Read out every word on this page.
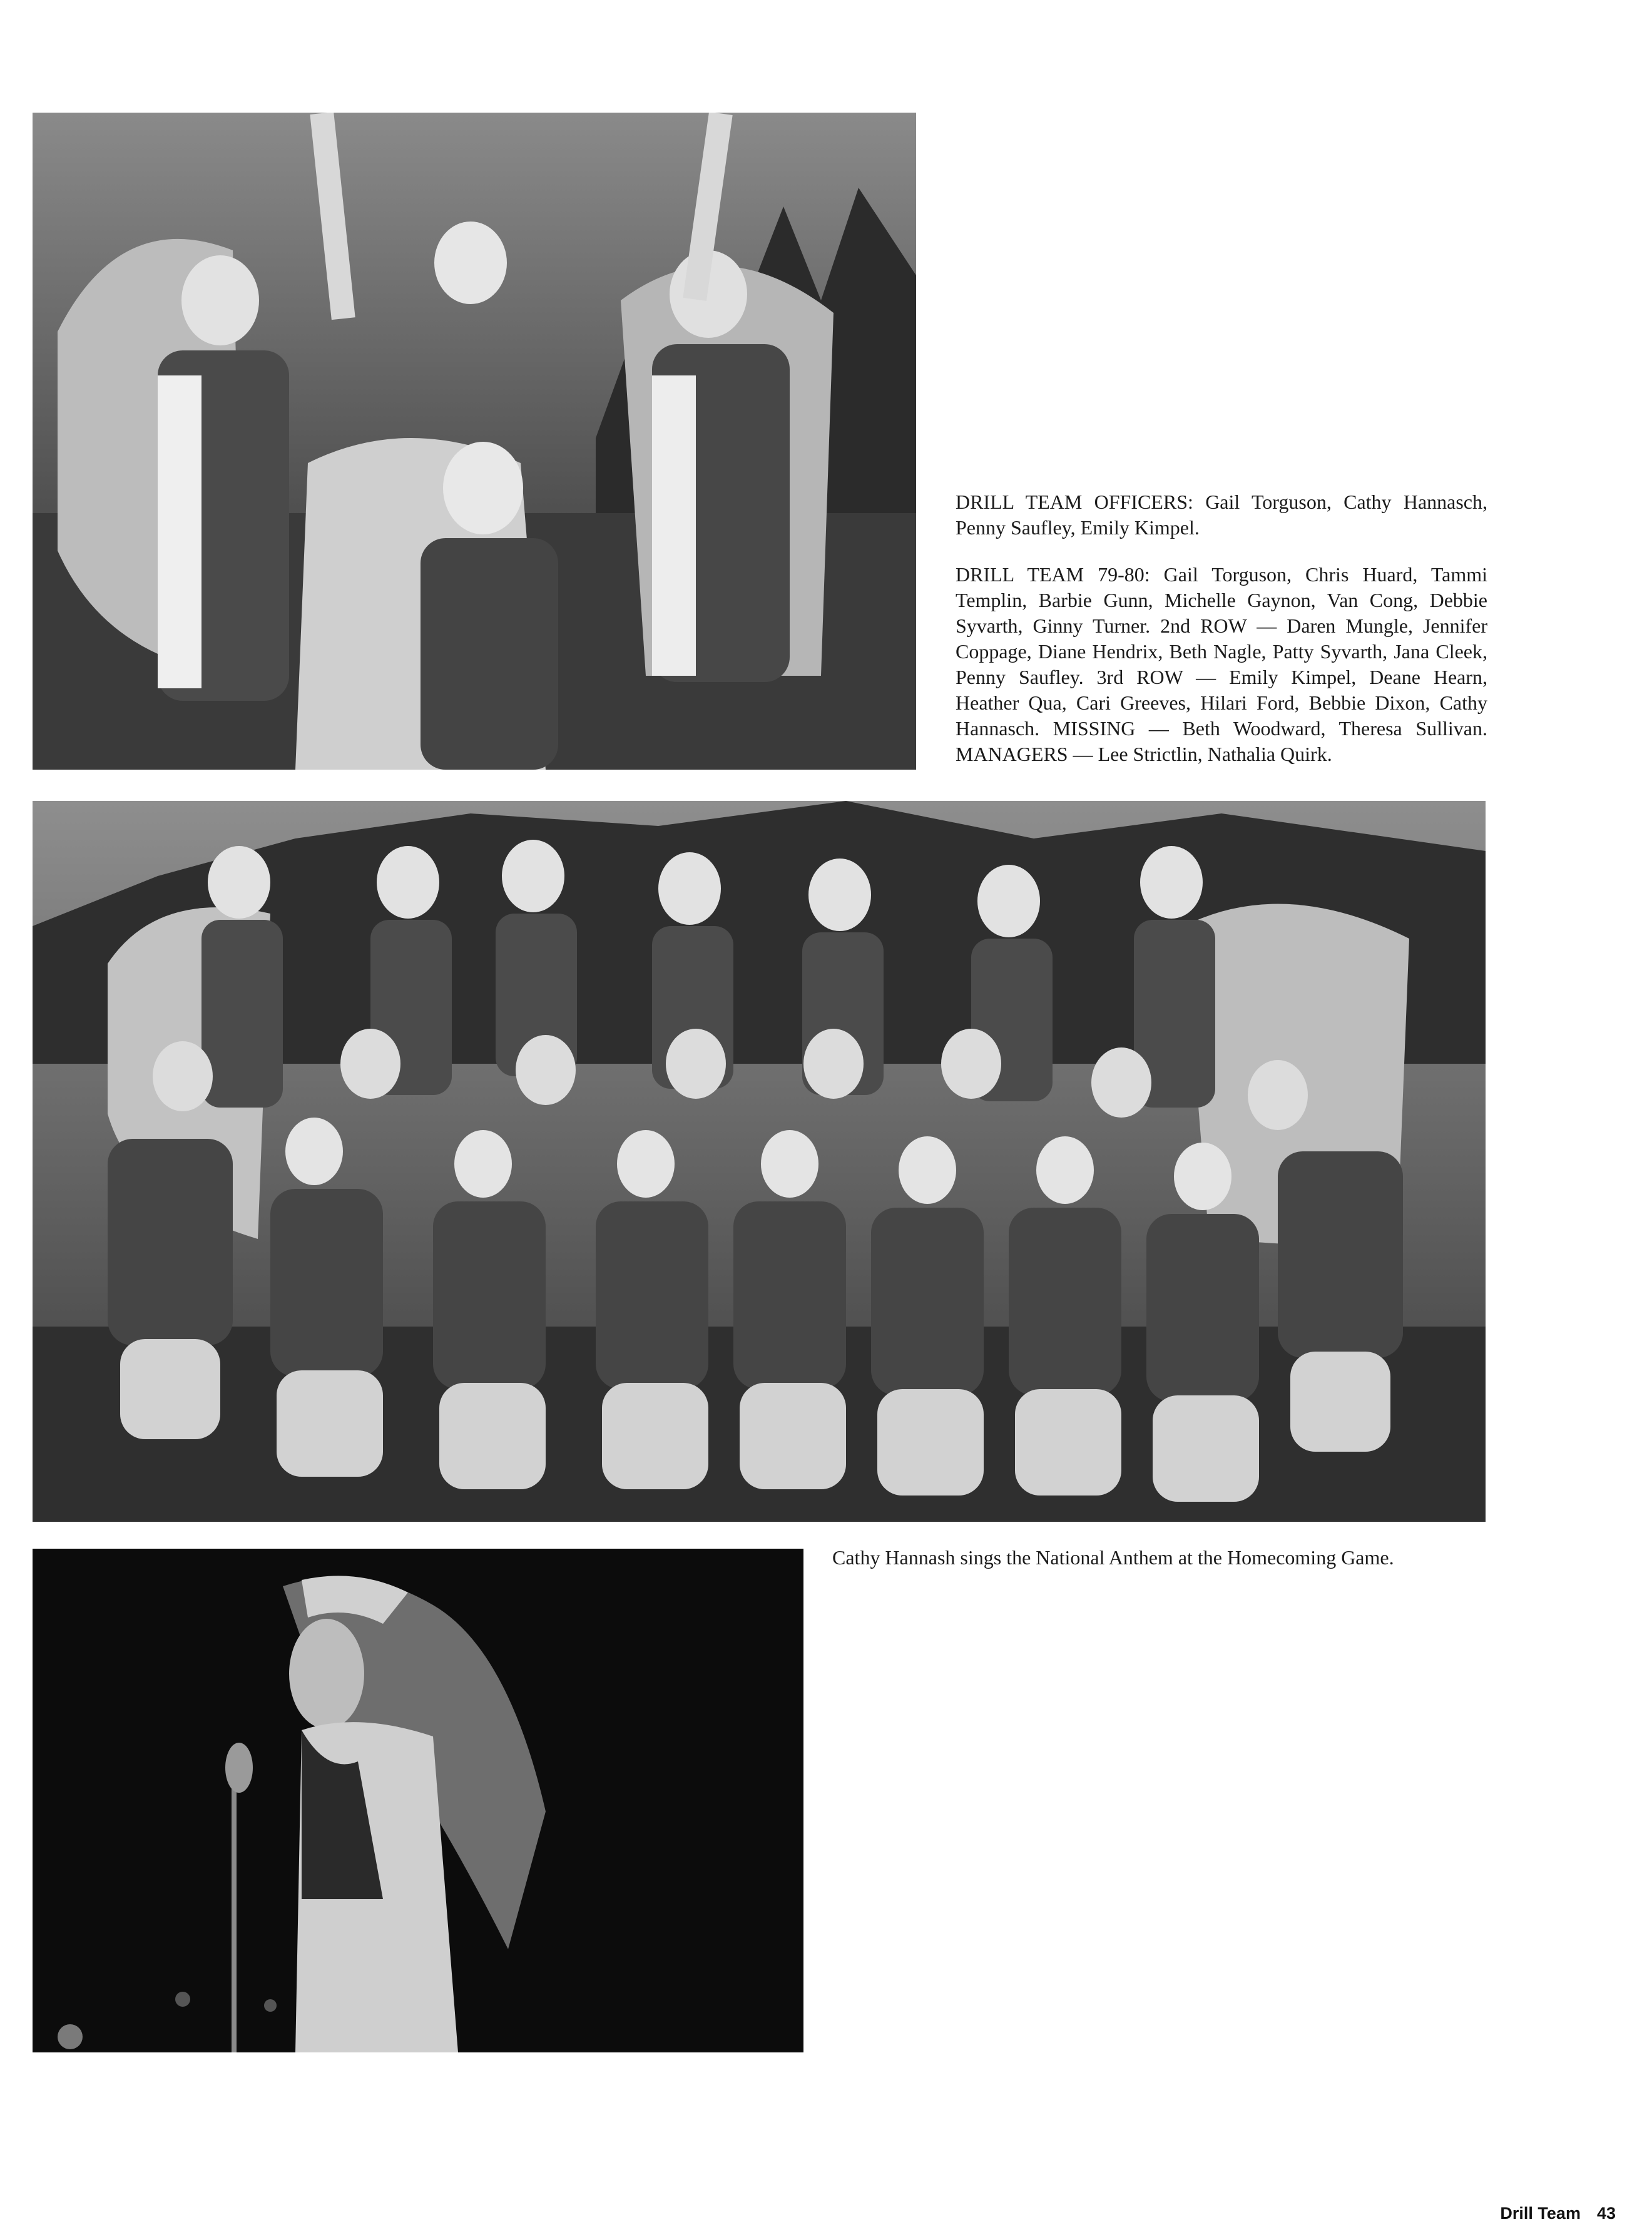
DRILL TEAM OFFICERS: Gail Torguson, Cathy Hannasch, Penny Saufley, Emily Kimpel.
DRILL TEAM 79-80: Gail Torguson, Chris Huard, Tammi Templin, Barbie Gunn, Michelle Gaynon, Van Cong, Debbie Syvarth, Ginny Turner. 2nd ROW — Daren Mungle, Jennifer Coppage, Diane Hendrix, Beth Nagle, Patty Syvarth, Jana Cleek, Penny Saufley. 3rd ROW — Emily Kimpel, Deane Hearn, Heather Qua, Cari Greeves, Hilari Ford, Bebbie Dixon, Cathy Hannasch. MISSING — Beth Woodward, Theresa Sullivan. MANAGERS — Lee Strictlin, Nathalia Quirk.
Cathy Hannash sings the National Anthem at the Homecoming Game.
Drill Team 43
